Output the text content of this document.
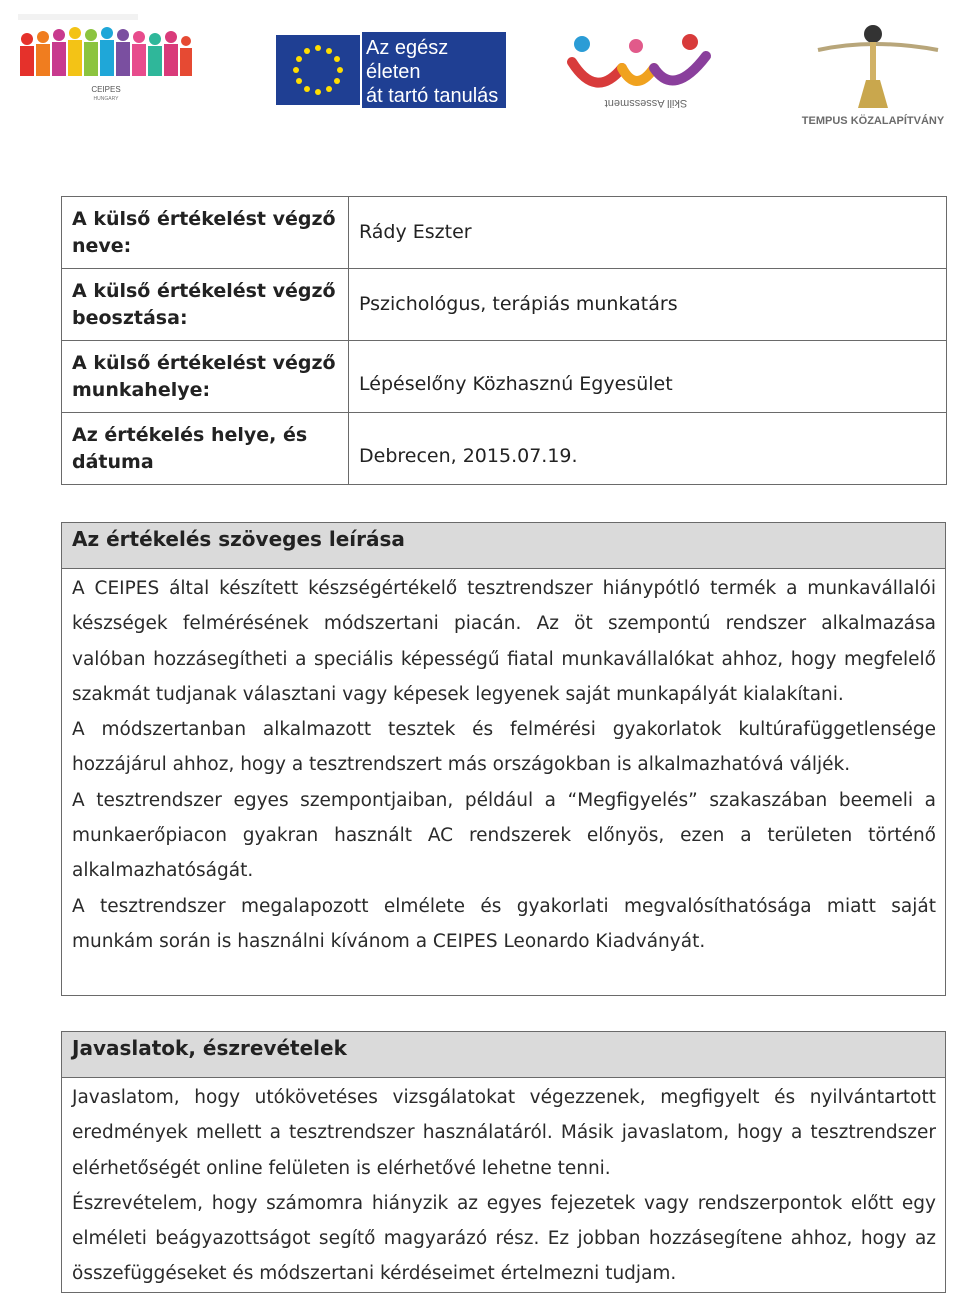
CEIPES
HUNGARY
Az egész életen
át tartó tanulás
programja
Skill Assessment
TEMPUS KÖZALAPÍTVÁNY
A külső értékelést végző neve:	Rády Eszter
A külső értékelést végző beosztása:	Pszichológus, terápiás munkatárs
A külső értékelést végző munkahelye:	Lépéselőny Közhasznú Egyesület
Az értékelés helye, és dátuma	Debrecen, 2015.07.19.
Az értékelés szöveges leírása

A CEIPES által készített készségértékelő tesztrendszer hiánypótló termék a munkavállalói készségek felmérésének módszertani piacán. Az öt szempontú rendszer alkalmazása valóban hozzásegítheti a speciális képességű fiatal munkavállalókat ahhoz, hogy megfelelő szakmát tudjanak választani vagy képesek legyenek saját munkapályát kialakítani.

A módszertanban alkalmazott tesztek és felmérési gyakorlatok kultúrafüggetlensége hozzájárul ahhoz, hogy a tesztrendszert más országokban is alkalmazhatóvá váljék.

A tesztrendszer egyes szempontjaiban, például a “Megfigyelés” szakaszában beemeli a munkaerőpiacon gyakran használt AC rendszerek előnyös, ezen a területen történő alkalmazhatóságát.

A tesztrendszer megalapozott elmélete és gyakorlati megvalósíthatósága miatt saját munkám során is használni kívánom a CEIPES Leonardo Kiadványát.

Javaslatok, észrevételek

Javaslatom, hogy utókövetéses vizsgálatokat végezzenek, megfigyelt és nyilvántartott eredmények mellett a tesztrendszer használatáról. Másik javaslatom, hogy a tesztrendszer elérhetőségét online felületen is elérhetővé lehetne tenni.

Észrevételem, hogy számomra hiányzik az egyes fejezetek vagy rendszerpontok előtt egy elméleti beágyazottságot segítő magyarázó rész. Ez jobban hozzásegítene ahhoz, hogy az összefüggéseket és módszertani kérdéseimet értelmezni tudjam.
